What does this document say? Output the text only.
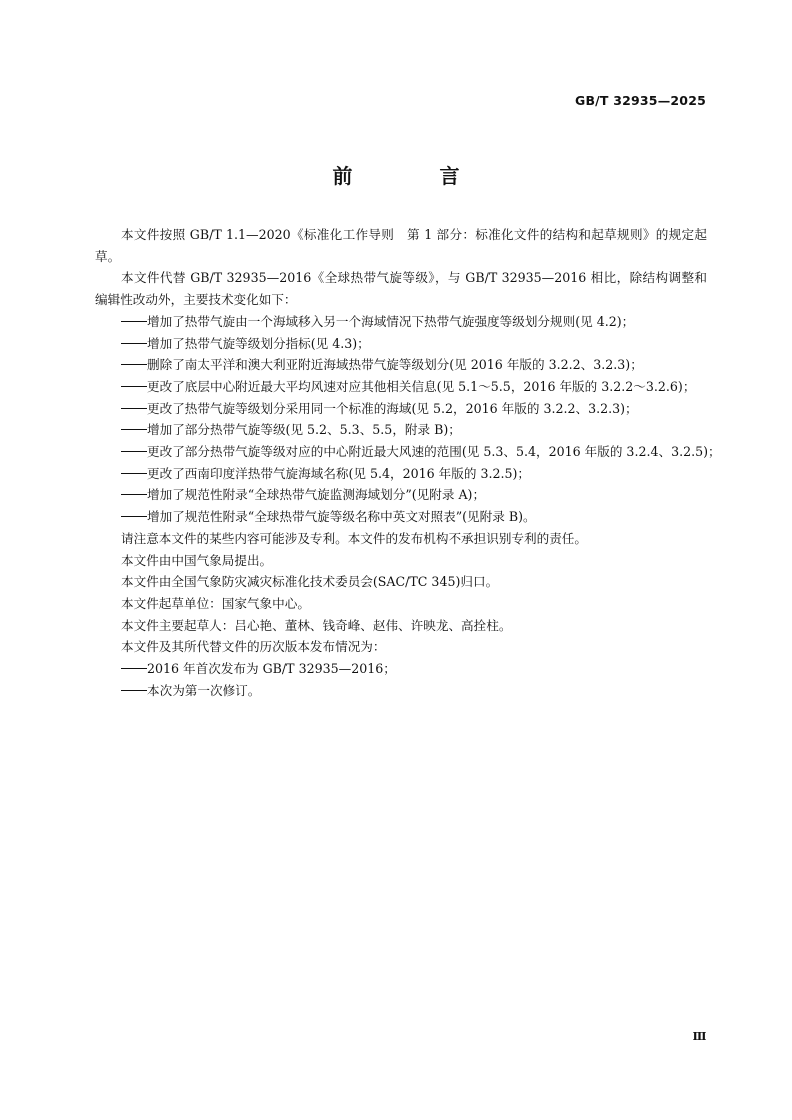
GB/T 32935—2025
前 言

本文件按照 GB/T 1.1—2020《标准化工作导则　第 1 部分：标准化文件的结构和起草规则》的规定起草。

本文件代替 GB/T 32935—2016《全球热带气旋等级》，与 GB/T 32935—2016 相比，除结构调整和编辑性改动外，主要技术变化如下：

增加了热带气旋由一个海域移入另一个海域情况下热带气旋强度等级划分规则(见 4.2)；

增加了热带气旋等级划分指标(见 4.3)；

删除了南太平洋和澳大利亚附近海域热带气旋等级划分(见 2016 年版的 3.2.2、3.2.3)；

更改了底层中心附近最大平均风速对应其他相关信息(见 5.1～5.5，2016 年版的 3.2.2～3.2.6)；

更改了热带气旋等级划分采用同一个标准的海域(见 5.2，2016 年版的 3.2.2、3.2.3)；

增加了部分热带气旋等级(见 5.2、5.3、5.5，附录 B)；

更改了部分热带气旋等级对应的中心附近最大风速的范围(见 5.3、5.4，2016 年版的 3.2.4、3.2.5)；

更改了西南印度洋热带气旋海域名称(见 5.4，2016 年版的 3.2.5)；

增加了规范性附录“全球热带气旋监测海域划分”(见附录 A)；

增加了规范性附录“全球热带气旋等级名称中英文对照表”(见附录 B)。

请注意本文件的某些内容可能涉及专利。本文件的发布机构不承担识别专利的责任。

本文件由中国气象局提出。

本文件由全国气象防灾减灾标准化技术委员会(SAC/TC 345)归口。

本文件起草单位：国家气象中心。

本文件主要起草人：吕心艳、董林、钱奇峰、赵伟、许映龙、高拴柱。

本文件及其所代替文件的历次版本发布情况为：

2016 年首次发布为 GB/T 32935—2016；

本次为第一次修订。

Ⅲ
